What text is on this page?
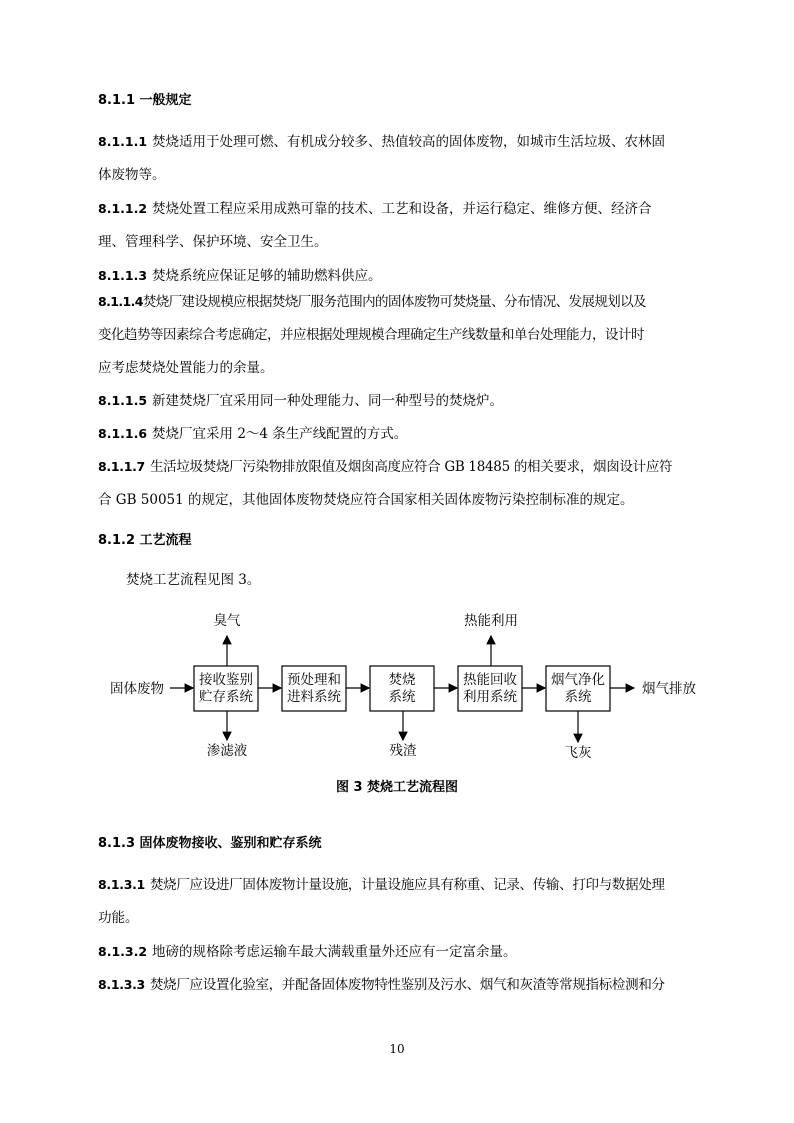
8.1.1 一般规定
8.1.1.1 焚烧适用于处理可燃、有机成分较多、热值较高的固体废物，如城市生活垃圾、农林固
体废物等。
8.1.1.2 焚烧处置工程应采用成熟可靠的技术、工艺和设备，并运行稳定、维修方便、经济合
理、管理科学、保护环境、安全卫生。
8.1.1.3 焚烧系统应保证足够的辅助燃料供应。
8.1.1.4焚烧厂建设规模应根据焚烧厂服务范围内的固体废物可焚烧量、分布情况、发展规划以及
变化趋势等因素综合考虑确定，并应根据处理规模合理确定生产线数量和单台处理能力，设计时
应考虑焚烧处置能力的余量。
8.1.1.5 新建焚烧厂宜采用同一种处理能力、同一种型号的焚烧炉。
8.1.1.6 焚烧厂宜采用 2～4 条生产线配置的方式。
8.1.1.7 生活垃圾焚烧厂污染物排放限值及烟囱高度应符合 GB 18485 的相关要求，烟囱设计应符
合 GB 50051 的规定，其他固体废物焚烧应符合国家相关固体废物污染控制标准的规定。
8.1.2 工艺流程
焚烧工艺流程见图 3。
固体废物	烟气排放
接收鉴别
贮存系统
预处理和
进料系统
焚烧
系统
热能回收
利用系统
烟气净化
系统
臭气
渗滤液	残渣
热能利用
飞灰
图 3 焚烧工艺流程图
8.1.3 固体废物接收、鉴别和贮存系统
8.1.3.1 焚烧厂应设进厂固体废物计量设施，计量设施应具有称重、记录、传输、打印与数据处理
功能。
8.1.3.2 地磅的规格除考虑运输车最大满载重量外还应有一定富余量。
8.1.3.3 焚烧厂应设置化验室，并配备固体废物特性鉴别及污水、烟气和灰渣等常规指标检测和分
10
